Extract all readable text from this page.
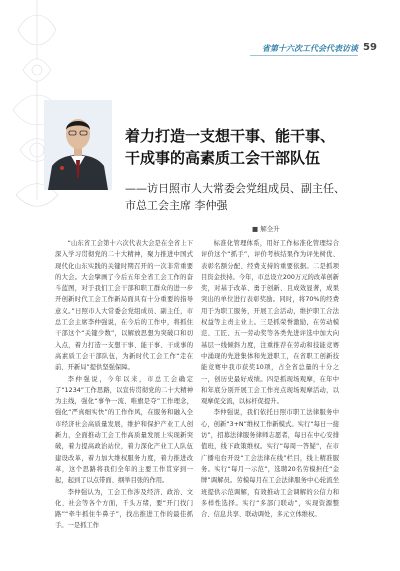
省第十六次工代会代表访谈 59
着力打造一支想干事、能干事、
干成事的高素质工会干部队伍
——访日照市人大常委会党组成员、副主任、
市总工会主席 李仲强
■ 解全升

“山东省工会第十六次代表大会是在全省上下深入学习贯彻党的二十大精神，聚力推进中国式现代化山东实践的关键时期召开的一次非常重要的大会。大会擘画了今后五年全省工会工作的奋斗蓝图，对于我们工会干部和职工群众的进一步开创新时代工会工作新局面具有十分重要的指导意义。”日照市人大常委会党组成员、副主任，市总工会主席李仲强说，在今后的工作中，将抓住干部这个“关键少数”，以解放思想为突破口和切入点，着力打造一支想干事、能干事、干成事的高素质工会干部队伍，为新时代工会工作“走在前、开新局”提供坚强保障。

李仲强说，今年以来，市总工会确定了“1234”工作思路，以宣传贯彻党的二十大精神为主线，强化“事争一流、唯旗是夺”工作理念，强化“严真细实快”的工作作风，在服务和融入全市经济社会高质量发展，维护和保护产业工人创新力，全面推动工会工作高质量发展上实现新突破，着力提高政治站位，着力深化产业工人队伍建设改革，着力加大维权服务力度，着力推进改革，这个思路将我们全年的主要工作贯穿到一起，起到了以点带面、纲举目张的作用。

李仲强认为，工会工作涉及经济、政治、文化、社会等各个方面，千头万绪，要“开门找门路”“牵牛抓住牛鼻子”，找出推进工作的最佳抓手。一是抓工作

标准化管理体系，用好工作标准化管理综合评价这个“抓手”，评价考核结果作为评先树优、表彰名额分配、经费支持的重要依据。二是抓项目资金扶持。今年，市总设立200万元的改革创新奖，对基于改革、勇于创新、且成效显著，成果突出的单位进行表彰奖励。同时，将70%的经费用于为职工服务，开展工会活动，维护职工合法权益等主责主业上。三是抓荣誉激励，在劳动模范、工匠、五一劳动奖等各类先进评选中加大向基层一线倾斜力度，注重推荐在劳动和技能竞赛中涌现的先进集体和先进职工，在省职工创新技能竞赛中我市获奖10项，占全省总量的十分之一，创历史最好成绩。四是抓现场观摩，在年中和年底分别开展工会工作亮点现场观摩活动，以观摩促交流，以标杆促提升。

李仲强说，我们依托日照市职工法律服务中心，创新“3+N”维权工作新模式。实行“每日一接访”，招募法律服务律师志愿者，每日在中心安排值班，线下政策维权。实行“每周一答疑”，在市广播电台开设“工会法律在线”栏目，线上精准服务。实行“每月一示范”，选聘20名劳模担任“金牌”调解员。劳模每月在工会法律服务中心轮流坐班提供示范调解，有效推动工会调解的公信力和多样性选择。实行“多部门联动”，实现资源整合、信息共享、联动调处，多元立体维权。
